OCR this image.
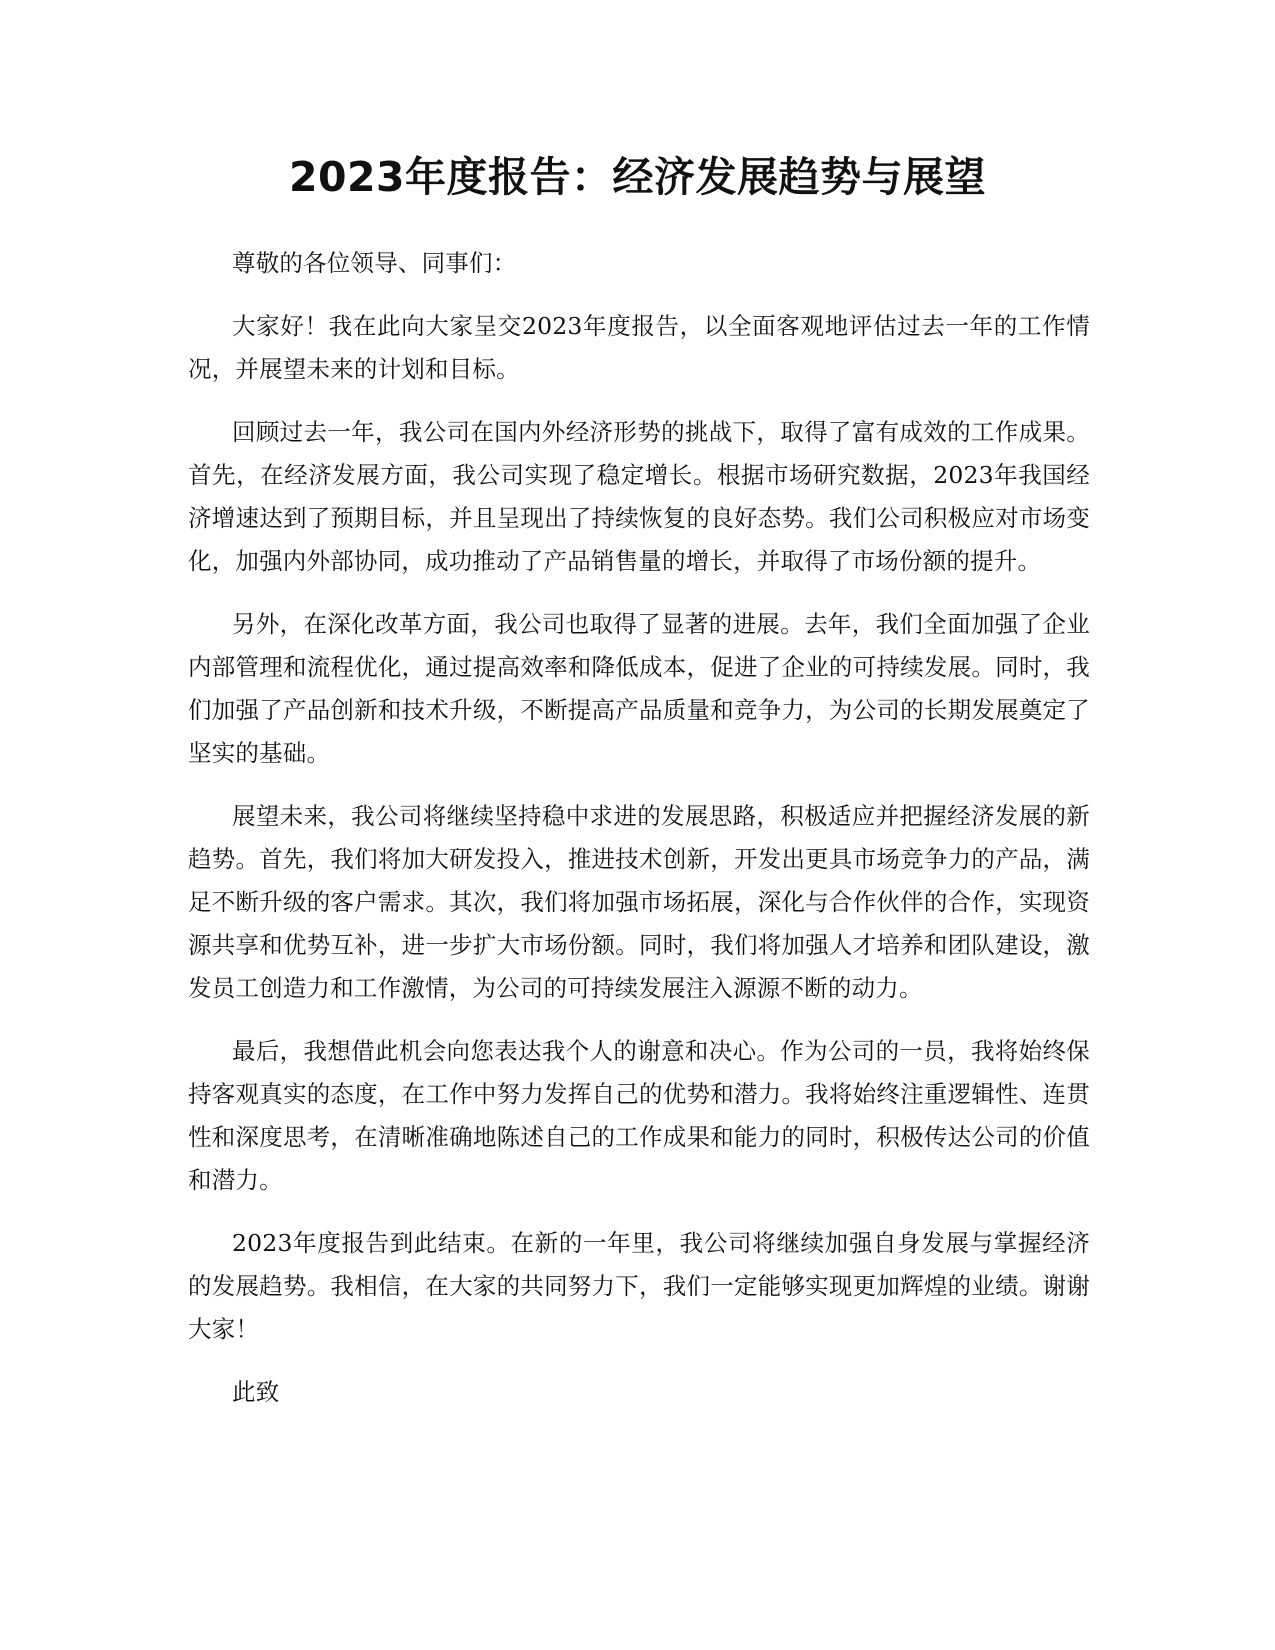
2023年度报告：经济发展趋势与展望

尊敬的各位领导、同事们：

大家好！我在此向大家呈交2023年度报告，以全面客观地评估过去一年的工作情况，并展望未来的计划和目标。

回顾过去一年，我公司在国内外经济形势的挑战下，取得了富有成效的工作成果。首先，在经济发展方面，我公司实现了稳定增长。根据市场研究数据，2023年我国经济增速达到了预期目标，并且呈现出了持续恢复的良好态势。我们公司积极应对市场变化，加强内外部协同，成功推动了产品销售量的增长，并取得了市场份额的提升。

另外，在深化改革方面，我公司也取得了显著的进展。去年，我们全面加强了企业内部管理和流程优化，通过提高效率和降低成本，促进了企业的可持续发展。同时，我们加强了产品创新和技术升级，不断提高产品质量和竞争力，为公司的长期发展奠定了坚实的基础。

展望未来，我公司将继续坚持稳中求进的发展思路，积极适应并把握经济发展的新趋势。首先，我们将加大研发投入，推进技术创新，开发出更具市场竞争力的产品，满足不断升级的客户需求。其次，我们将加强市场拓展，深化与合作伙伴的合作，实现资源共享和优势互补，进一步扩大市场份额。同时，我们将加强人才培养和团队建设，激发员工创造力和工作激情，为公司的可持续发展注入源源不断的动力。

最后，我想借此机会向您表达我个人的谢意和决心。作为公司的一员，我将始终保持客观真实的态度，在工作中努力发挥自己的优势和潜力。我将始终注重逻辑性、连贯性和深度思考，在清晰准确地陈述自己的工作成果和能力的同时，积极传达公司的价值和潜力。

2023年度报告到此结束。在新的一年里，我公司将继续加强自身发展与掌握经济的发展趋势。我相信，在大家的共同努力下，我们一定能够实现更加辉煌的业绩。谢谢大家！

此致
